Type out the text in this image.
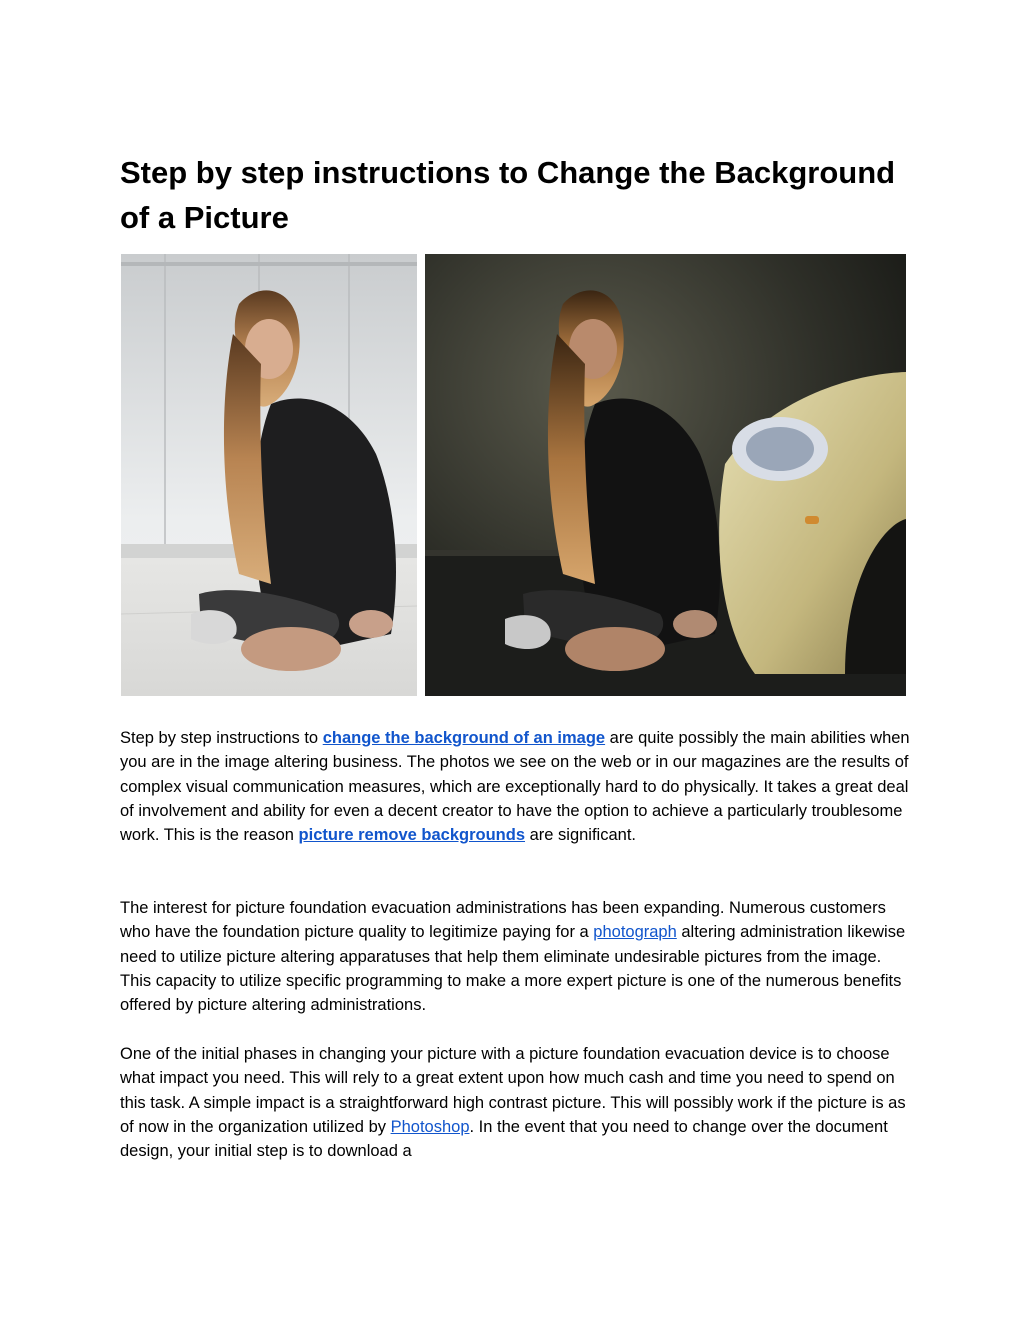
Step by step instructions to Change the Background of a Picture

Step by step instructions to change the background of an image are quite possibly the main abilities when you are in the image altering business. The photos we see on the web or in our magazines are the results of complex visual communication measures, which are exceptionally hard to do physically. It takes a great deal of involvement and ability for even a decent creator to have the option to achieve a particularly troublesome work. This is the reason picture remove backgrounds are significant.

The interest for picture foundation evacuation administrations has been expanding. Numerous customers who have the foundation picture quality to legitimize paying for a photograph altering administration likewise need to utilize picture altering apparatuses that help them eliminate undesirable pictures from the image. This capacity to utilize specific programming to make a more expert picture is one of the numerous benefits offered by picture altering administrations.

One of the initial phases in changing your picture with a picture foundation evacuation device is to choose what impact you need. This will rely to a great extent upon how much cash and time you need to spend on this task. A simple impact is a straightforward high contrast picture. This will possibly work if the picture is as of now in the organization utilized by Photoshop. In the event that you need to change over the document design, your initial step is to download a
